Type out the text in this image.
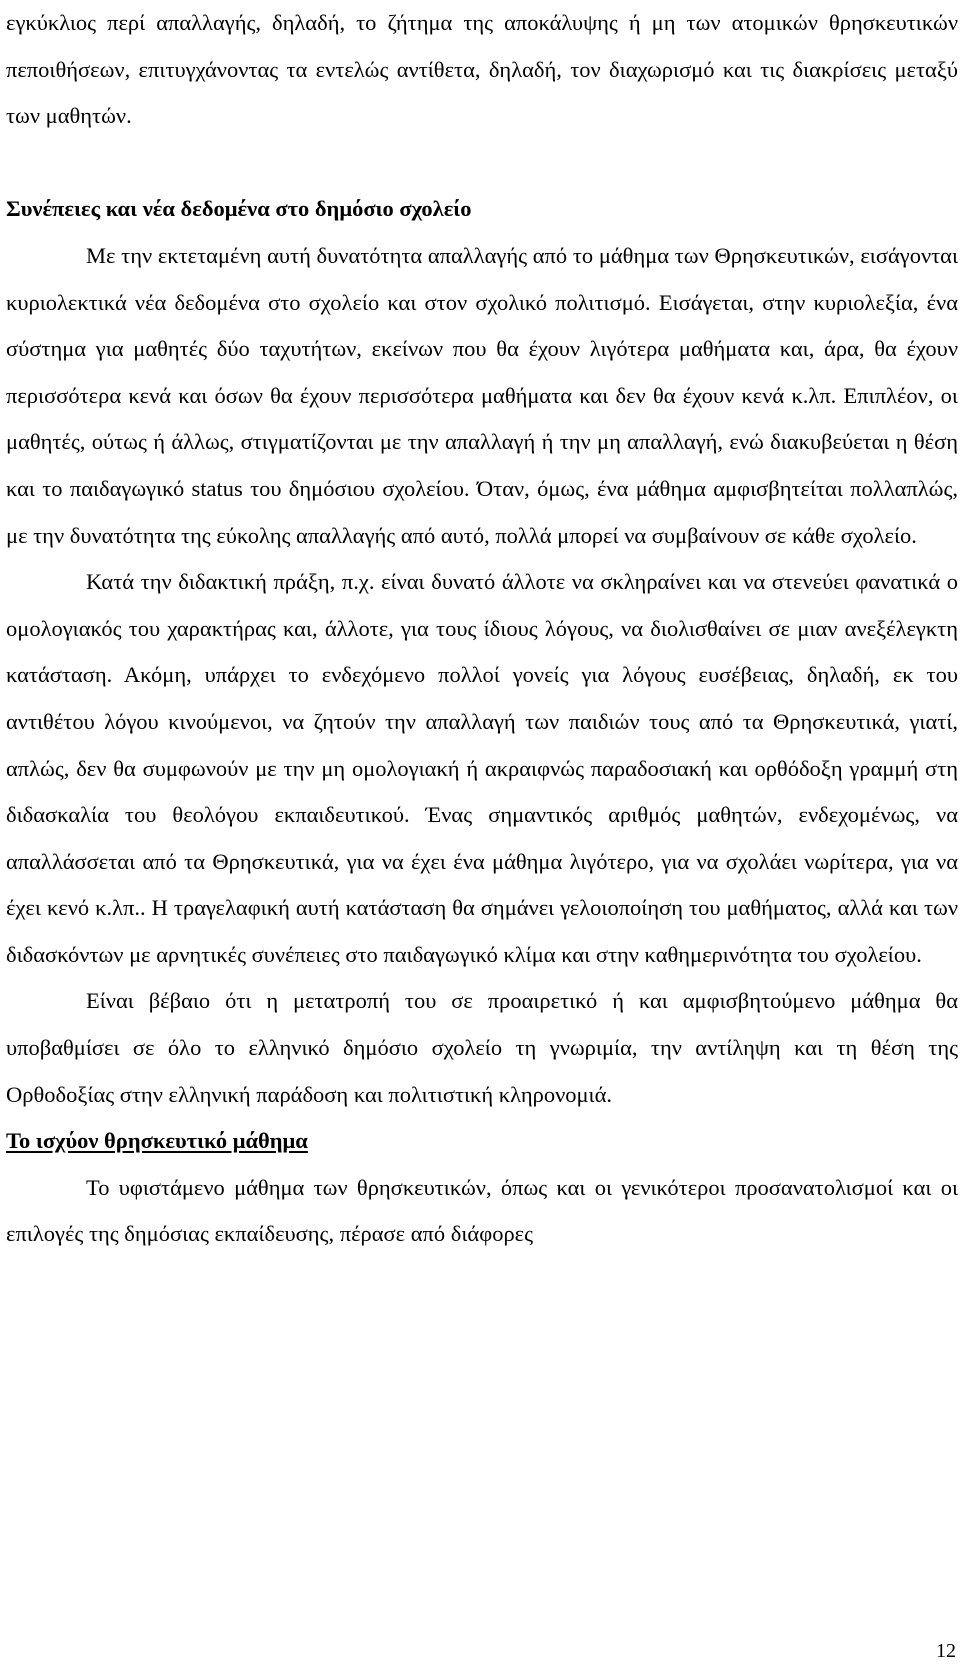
εγκύκλιος περί απαλλαγής, δηλαδή, το ζήτημα της αποκάλυψης ή μη των ατομικών θρησκευτικών πεποιθήσεων, επιτυγχάνοντας τα εντελώς αντίθετα, δηλαδή, τον διαχωρισμό και τις διακρίσεις μεταξύ των μαθητών.

Συνέπειες και νέα δεδομένα στο δημόσιο σχολείο

Με την εκτεταμένη αυτή δυνατότητα απαλλαγής από το μάθημα των Θρησκευτικών, εισάγονται κυριολεκτικά νέα δεδομένα στο σχολείο και στον σχολικό πολιτισμό. Εισάγεται, στην κυριολεξία, ένα σύστημα για μαθητές δύο ταχυτήτων, εκείνων που θα έχουν λιγότερα μαθήματα και, άρα, θα έχουν περισσότερα κενά και όσων θα έχουν περισσότερα μαθήματα και δεν θα έχουν κενά κ.λπ. Επιπλέον, οι μαθητές, ούτως ή άλλως, στιγματίζονται με την απαλλαγή ή την μη απαλλαγή, ενώ διακυβεύεται η θέση και το παιδαγωγικό status του δημόσιου σχολείου. Όταν, όμως, ένα μάθημα αμφισβητείται πολλαπλώς, με την δυνατότητα της εύκολης απαλλαγής από αυτό, πολλά μπορεί να συμβαίνουν σε κάθε σχολείο.

Κατά την διδακτική πράξη, π.χ. είναι δυνατό άλλοτε να σκληραίνει και να στενεύει φανατικά ο ομολογιακός του χαρακτήρας και, άλλοτε, για τους ίδιους λόγους, να διολισθαίνει σε μιαν ανεξέλεγκτη κατάσταση. Ακόμη, υπάρχει το ενδεχόμενο πολλοί γονείς για λόγους ευσέβειας, δηλαδή, εκ του αντιθέτου λόγου κινούμενοι, να ζητούν την απαλλαγή των παιδιών τους από τα Θρησκευτικά, γιατί, απλώς, δεν θα συμφωνούν με την μη ομολογιακή ή ακραιφνώς παραδοσιακή και ορθόδοξη γραμμή στη διδασκαλία του θεολόγου εκπαιδευτικού. Ένας σημαντικός αριθμός μαθητών, ενδεχομένως, να απαλλάσσεται από τα Θρησκευτικά, για να έχει ένα μάθημα λιγότερο, για να σχολάει νωρίτερα, για να έχει κενό κ.λπ.. Η τραγελαφική αυτή κατάσταση θα σημάνει γελοιοποίηση του μαθήματος, αλλά και των διδασκόντων με αρνητικές συνέπειες στο παιδαγωγικό κλίμα και στην καθημερινότητα του σχολείου.

Είναι βέβαιο ότι η μετατροπή του σε προαιρετικό ή και αμφισβητούμενο μάθημα θα υποβαθμίσει σε όλο το ελληνικό δημόσιο σχολείο τη γνωριμία, την αντίληψη και τη θέση της Ορθοδοξίας στην ελληνική παράδοση και πολιτιστική κληρονομιά.

Το ισχύον θρησκευτικό μάθημα

Το υφιστάμενο μάθημα των θρησκευτικών, όπως και οι γενικότεροι προσανατολισμοί και οι επιλογές της δημόσιας εκπαίδευσης, πέρασε από διάφορες

12
